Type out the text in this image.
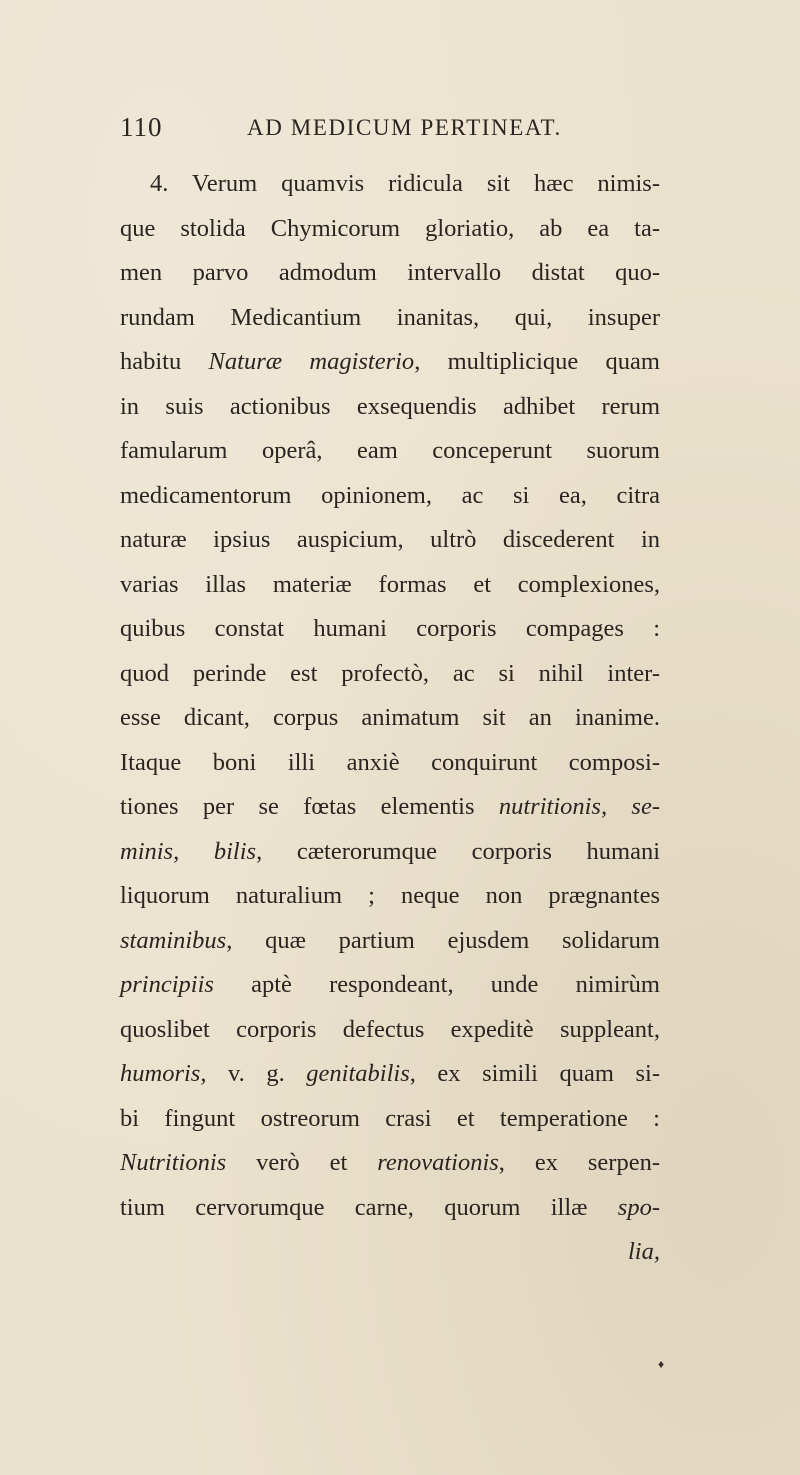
110	AD MEDICUM PERTINEAT.
4. Verum quamvis ridicula sit hæc nimis-
que stolida Chymicorum gloriatio, ab ea ta-
men parvo admodum intervallo distat quo-
rundam Medicantium inanitas, qui, insuper
habitu Naturæ magisterio, multipliciquе quam
in suis actionibus exsequendis adhibet rerum
famularum operâ, eam conceperunt suorum
medicamentorum opinionem, ac si ea, citra
naturæ ipsius auspicium, ultrò discederent in
varias illas materiæ formas et complexiones,
quibus constat humani corporis compages :
quod perinde est profectò, ac si nihil inter-
esse dicant, corpus animatum sit an inanime.
Itaque boni illi anxiè conquirunt composi-
tiones per se fœtas elementis nutritionis, se-
minis, bilis, cæterorumque corporis humani
liquorum naturalium ; neque non prægnantes
staminibus, quæ partium ejusdem solidarum
principiis aptè respondeant, unde nimirùm
quoslibet corporis defectus expeditè suppleant,
humoris, v. g. genitabilis, ex simili quam si-
bi fingunt ostreorum crasi et temperatione :
Nutritionis verò et renovationis, ex serpen-
tium cervorumque carne, quorum illæ spo-
lia,
♦
